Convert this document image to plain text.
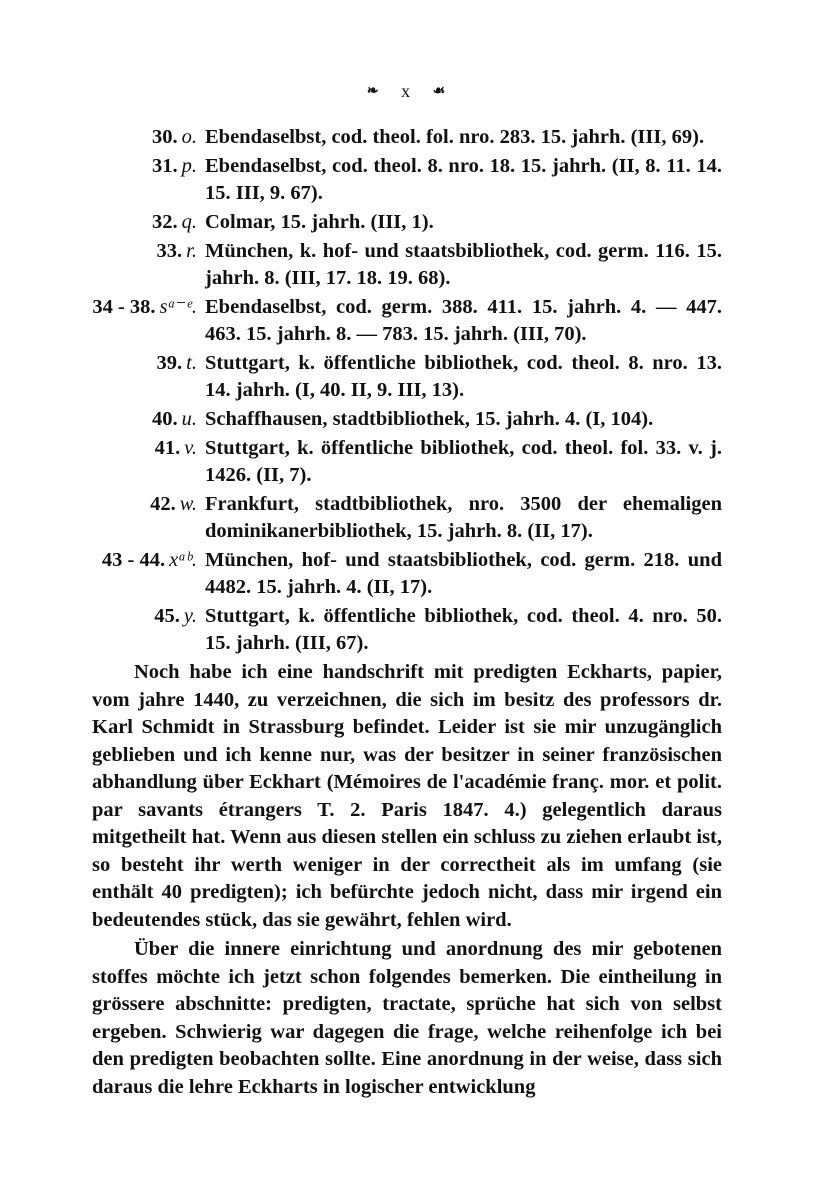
❧ x ☙
30. o. Ebendaselbst, cod. theol. fol. nro. 283. 15. jahrh. (III, 69).
31. p. Ebendaselbst, cod. theol. 8. nro. 18. 15. jahrh. (II, 8. 11. 14. 15. III, 9. 67).
32. q. Colmar, 15. jahrh. (III, 1).
33. r. München, k. hof- und staatsbibliothek, cod. germ. 116. 15. jahrh. 8. (III, 17. 18. 19. 68).
34 - 38. sᵃ⁻ᵉ. Ebendaselbst, cod. germ. 388. 411. 15. jahrh. 4. — 447. 463. 15. jahrh. 8. — 783. 15. jahrh. (III, 70).
39. t. Stuttgart, k. öffentliche bibliothek, cod. theol. 8. nro. 13. 14. jahrh. (I, 40. II, 9. III, 13).
40. u. Schaffhausen, stadtbibliothek, 15. jahrh. 4. (I, 104).
41. v. Stuttgart, k. öffentliche bibliothek, cod. theol. fol. 33. v. j. 1426. (II, 7).
42. w. Frankfurt, stadtbibliothek, nro. 3500 der ehemaligen dominikanerbibliothek, 15. jahrh. 8. (II, 17).
43 - 44. xᵃᵇ. München, hof- und staatsbibliothek, cod. germ. 218. und 4482. 15. jahrh. 4. (II, 17).
45. y. Stuttgart, k. öffentliche bibliothek, cod. theol. 4. nro. 50. 15. jahrh. (III, 67).

Noch habe ich eine handschrift mit predigten Eckharts, papier, vom jahre 1440, zu verzeichnen, die sich im besitz des professors dr. Karl Schmidt in Strassburg befindet. Leider ist sie mir unzugänglich geblieben und ich kenne nur, was der besitzer in seiner französischen abhandlung über Eckhart (Mémoires de l'académie franç. mor. et polit. par savants étrangers T. 2. Paris 1847. 4.) gelegentlich daraus mitgetheilt hat. Wenn aus diesen stellen ein schluss zu ziehen erlaubt ist, so besteht ihr werth weniger in der correctheit als im umfang (sie enthält 40 predigten); ich befürchte jedoch nicht, dass mir irgend ein bedeutendes stück, das sie gewährt, fehlen wird.

Über die innere einrichtung und anordnung des mir gebotenen stoffes möchte ich jetzt schon folgendes bemerken. Die eintheilung in grössere abschnitte: predigten, tractate, sprüche hat sich von selbst ergeben. Schwierig war dagegen die frage, welche reihenfolge ich bei den predigten beobachten sollte. Eine anordnung in der weise, dass sich daraus die lehre Eckharts in logischer entwicklung
